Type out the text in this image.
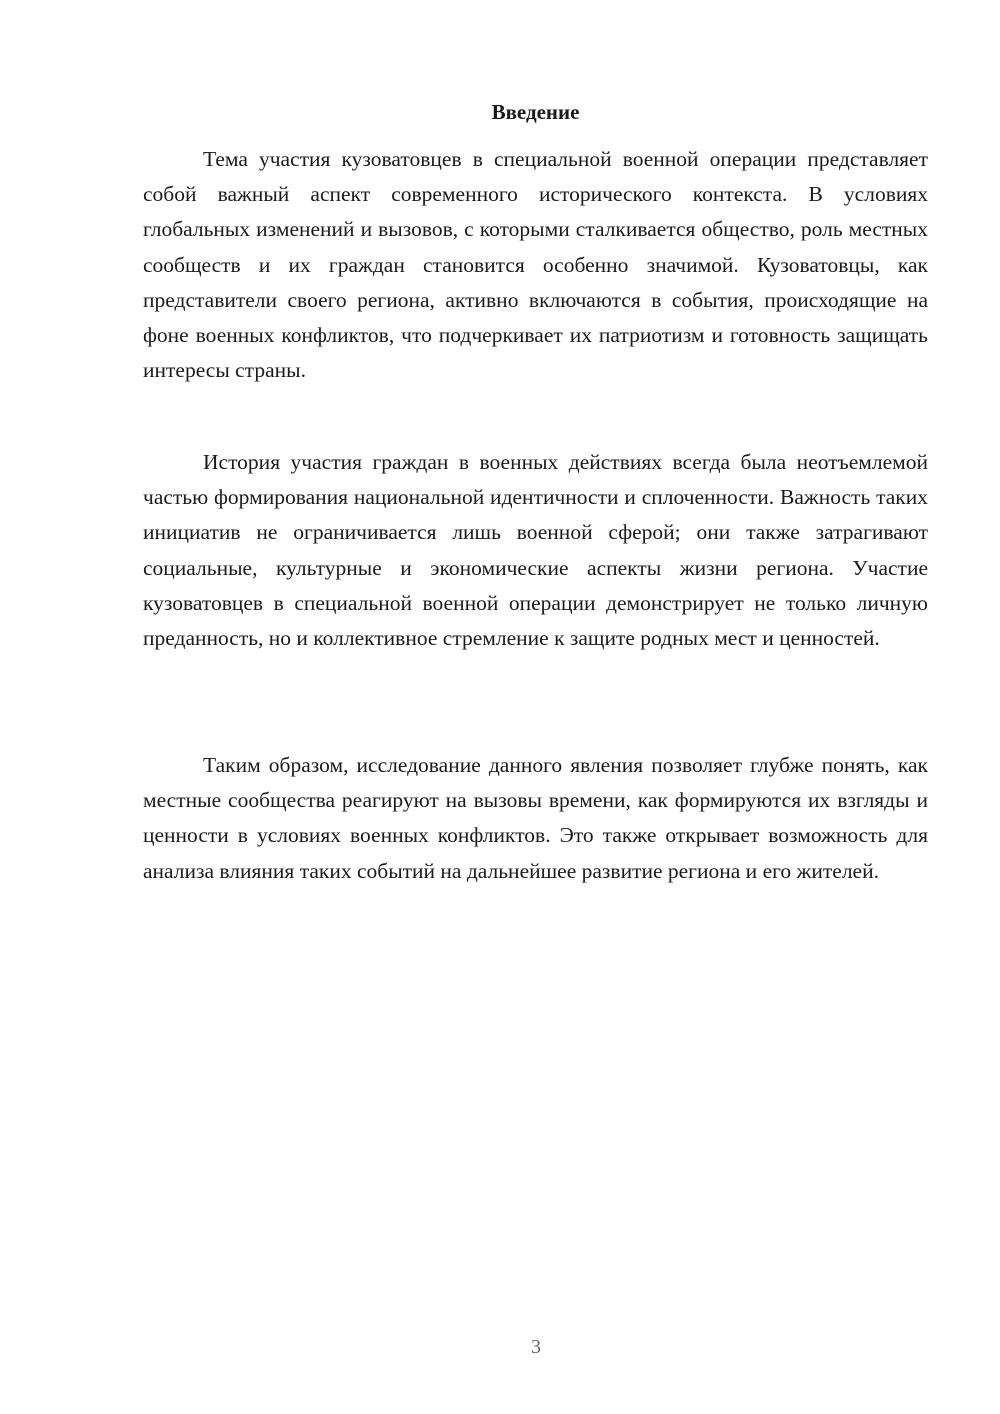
Введение

Тема участия кузоватовцев в специальной военной операции представляет собой важный аспект современного исторического контекста. В условиях глобальных изменений и вызовов, с которыми сталкивается общество, роль местных сообществ и их граждан становится особенно значимой. Кузоватовцы, как представители своего региона, активно включаются в события, происходящие на фоне военных конфликтов, что подчеркивает их патриотизм и готовность защищать интересы страны.

История участия граждан в военных действиях всегда была неотъемлемой частью формирования национальной идентичности и сплоченности. Важность таких инициатив не ограничивается лишь военной сферой; они также затрагивают социальные, культурные и экономические аспекты жизни региона. Участие кузоватовцев в специальной военной операции демонстрирует не только личную преданность, но и коллективное стремление к защите родных мест и ценностей.

Таким образом, исследование данного явления позволяет глубже понять, как местные сообщества реагируют на вызовы времени, как формируются их взгляды и ценности в условиях военных конфликтов. Это также открывает возможность для анализа влияния таких событий на дальнейшее развитие региона и его жителей.

3
